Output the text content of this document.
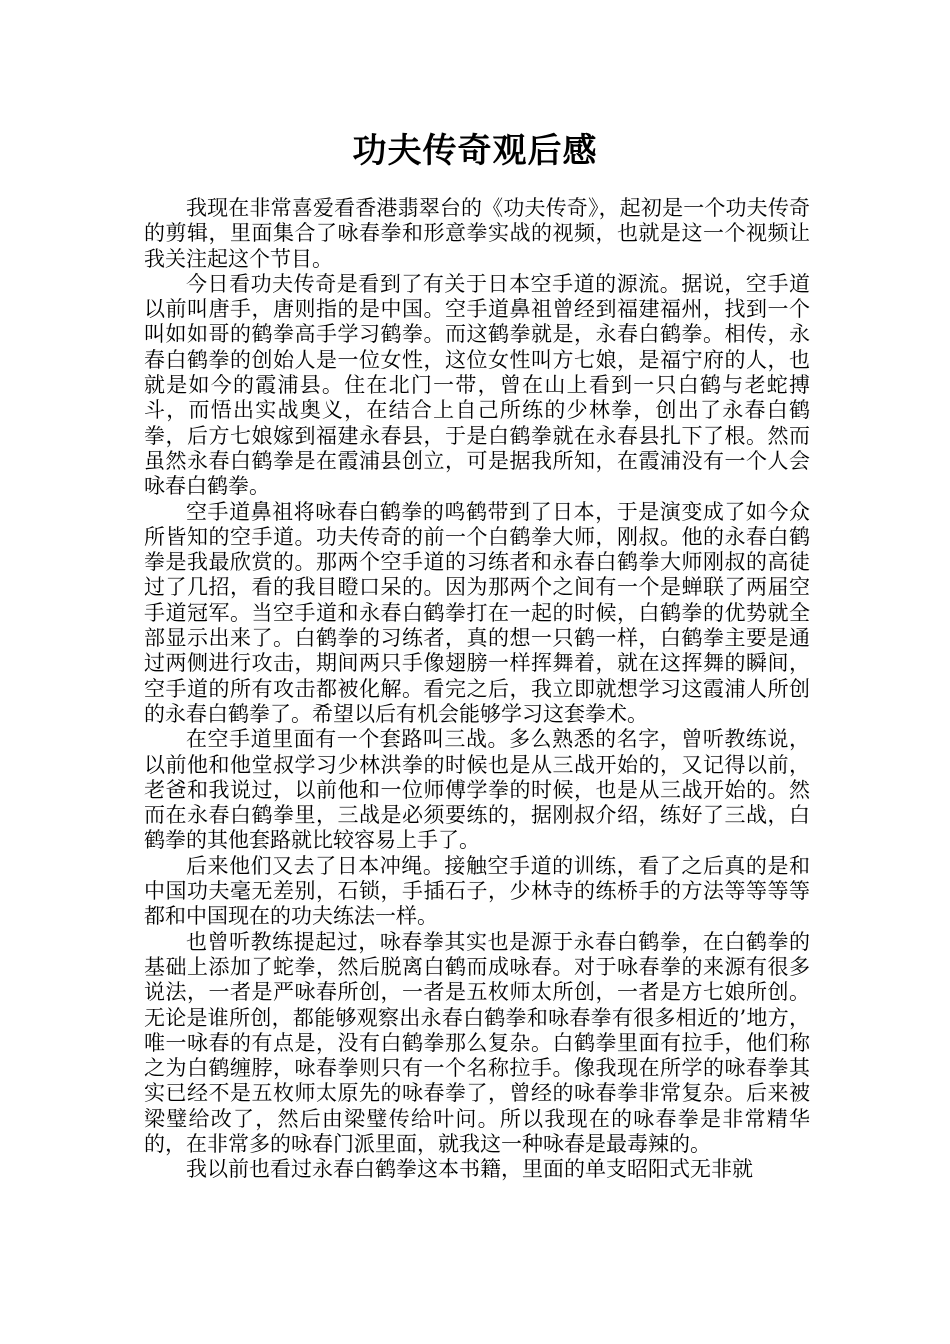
功夫传奇观后感

我现在非常喜爱看香港翡翠台的《功夫传奇》，起初是一个功夫传奇的剪辑，里面集合了咏春拳和形意拳实战的视频，也就是这一个视频让我关注起这个节目。

今日看功夫传奇是看到了有关于日本空手道的源流。据说，空手道以前叫唐手，唐则指的是中国。空手道鼻祖曾经到福建福州，找到一个叫如如哥的鹤拳高手学习鹤拳。而这鹤拳就是，永春白鹤拳。相传，永春白鹤拳的创始人是一位女性，这位女性叫方七娘，是福宁府的人，也就是如今的霞浦县。住在北门一带，曾在山上看到一只白鹤与老蛇搏斗，而悟出实战奥义，在结合上自己所练的少林拳，创出了永春白鹤拳，后方七娘嫁到福建永春县，于是白鹤拳就在永春县扎下了根。然而虽然永春白鹤拳是在霞浦县创立，可是据我所知，在霞浦没有一个人会咏春白鹤拳。

空手道鼻祖将咏春白鹤拳的鸣鹤带到了日本，于是演变成了如今众所皆知的空手道。功夫传奇的前一个白鹤拳大师，刚叔。他的永春白鹤拳是我最欣赏的。那两个空手道的习练者和永春白鹤拳大师刚叔的高徒过了几招，看的我目瞪口呆的。因为那两个之间有一个是蝉联了两届空手道冠军。当空手道和永春白鹤拳打在一起的时候，白鹤拳的优势就全部显示出来了。白鹤拳的习练者，真的想一只鹤一样，白鹤拳主要是通过两侧进行攻击，期间两只手像翅膀一样挥舞着，就在这挥舞的瞬间，空手道的所有攻击都被化解。看完之后，我立即就想学习这霞浦人所创的永春白鹤拳了。希望以后有机会能够学习这套拳术。

在空手道里面有一个套路叫三战。多么熟悉的名字，曾听教练说，以前他和他堂叔学习少林洪拳的时候也是从三战开始的，又记得以前，老爸和我说过，以前他和一位师傅学拳的时候，也是从三战开始的。然而在永春白鹤拳里，三战是必须要练的，据刚叔介绍，练好了三战，白鹤拳的其他套路就比较容易上手了。

后来他们又去了日本冲绳。接触空手道的训练，看了之后真的是和中国功夫毫无差别，石锁，手插石子，少林寺的练桥手的方法等等等等都和中国现在的功夫练法一样。

也曾听教练提起过，咏春拳其实也是源于永春白鹤拳，在白鹤拳的基础上添加了蛇拳，然后脱离白鹤而成咏春。对于咏春拳的来源有很多说法，一者是严咏春所创，一者是五枚师太所创，一者是方七娘所创。无论是谁所创，都能够观察出永春白鹤拳和咏春拳有很多相近的’地方，唯一咏春的有点是，没有白鹤拳那么复杂。白鹤拳里面有拉手，他们称之为白鹤缠脖，咏春拳则只有一个名称拉手。像我现在所学的咏春拳其实已经不是五枚师太原先的咏春拳了，曾经的咏春拳非常复杂。后来被梁璧给改了，然后由梁璧传给叶问。所以我现在的咏春拳是非常精华的，在非常多的咏春门派里面，就我这一种咏春是最毒辣的。

我以前也看过永春白鹤拳这本书籍，里面的单支昭阳式无非就
